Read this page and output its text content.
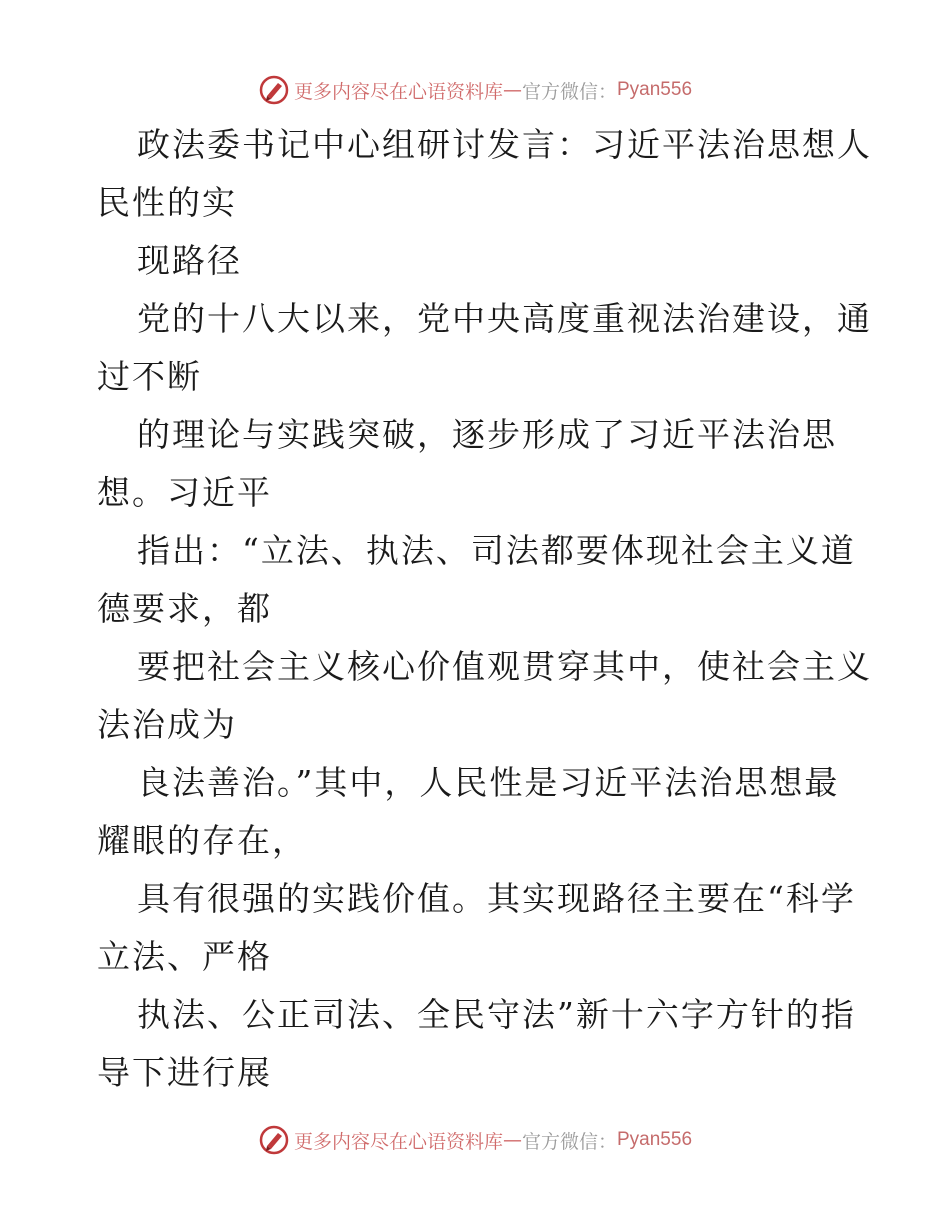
更多内容尽在心语资料库 — 官方微信： Pyan556
政法委书记中心组研讨发言：习近平法治思想人
民性的实
现路径
党的十八大以来，党中央高度重视法治建设，通
过不断
的理论与实践突破，逐步形成了习近平法治思
想。习近平
指出：“立法、执法、司法都要体现社会主义道
德要求，都
要把社会主义核心价值观贯穿其中，使社会主义
法治成为
良法善治。”其中，人民性是习近平法治思想最
耀眼的存在，
具有很强的实践价值。其实现路径主要在“科学
立法、严格
执法、公正司法、全民守法”新十六字方针的指
导下进行展
更多内容尽在心语资料库 — 官方微信： Pyan556
